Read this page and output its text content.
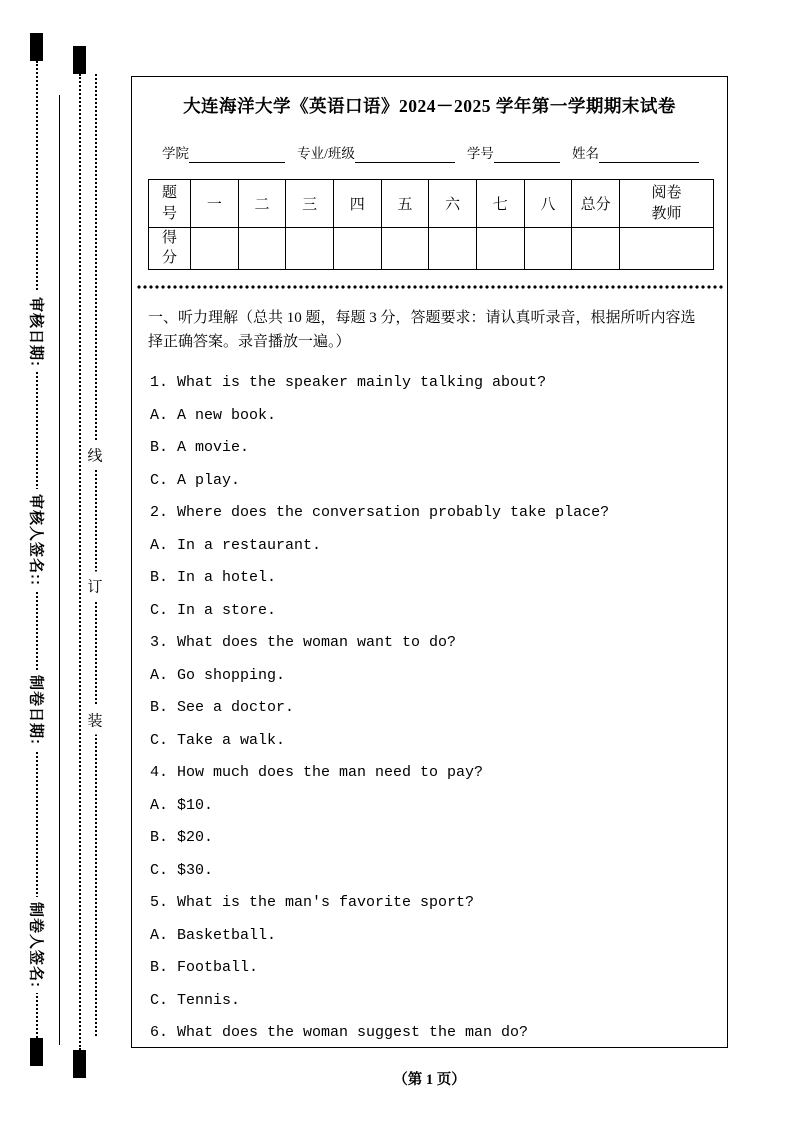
审核日期:
审核人签名::
制卷日期:
制卷人签名:
线
订
装
大连海洋大学《英语口语》2024－2025 学年第一学期期末试卷
学院	专业/班级	学号	姓名
题号	一	二	三	四	五	六	七	八	总分	阅卷教师
得分										
一、听力理解（总共 10 题，每题 3 分，答题要求：请认真听录音，根据所听内容选择正确答案。录音播放一遍。）
1. What is the speaker mainly talking about?
A. A new book.
B. A movie.
C. A play.
2. Where does the conversation probably take place?
A. In a restaurant.
B. In a hotel.
C. In a store.
3. What does the woman want to do?
A. Go shopping.
B. See a doctor.
C. Take a walk.
4. How much does the man need to pay?
A. $10.
B. $20.
C. $30.
5. What is the man's favorite sport?
A. Basketball.
B. Football.
C. Tennis.
6. What does the woman suggest the man do?
（第 1 页）
